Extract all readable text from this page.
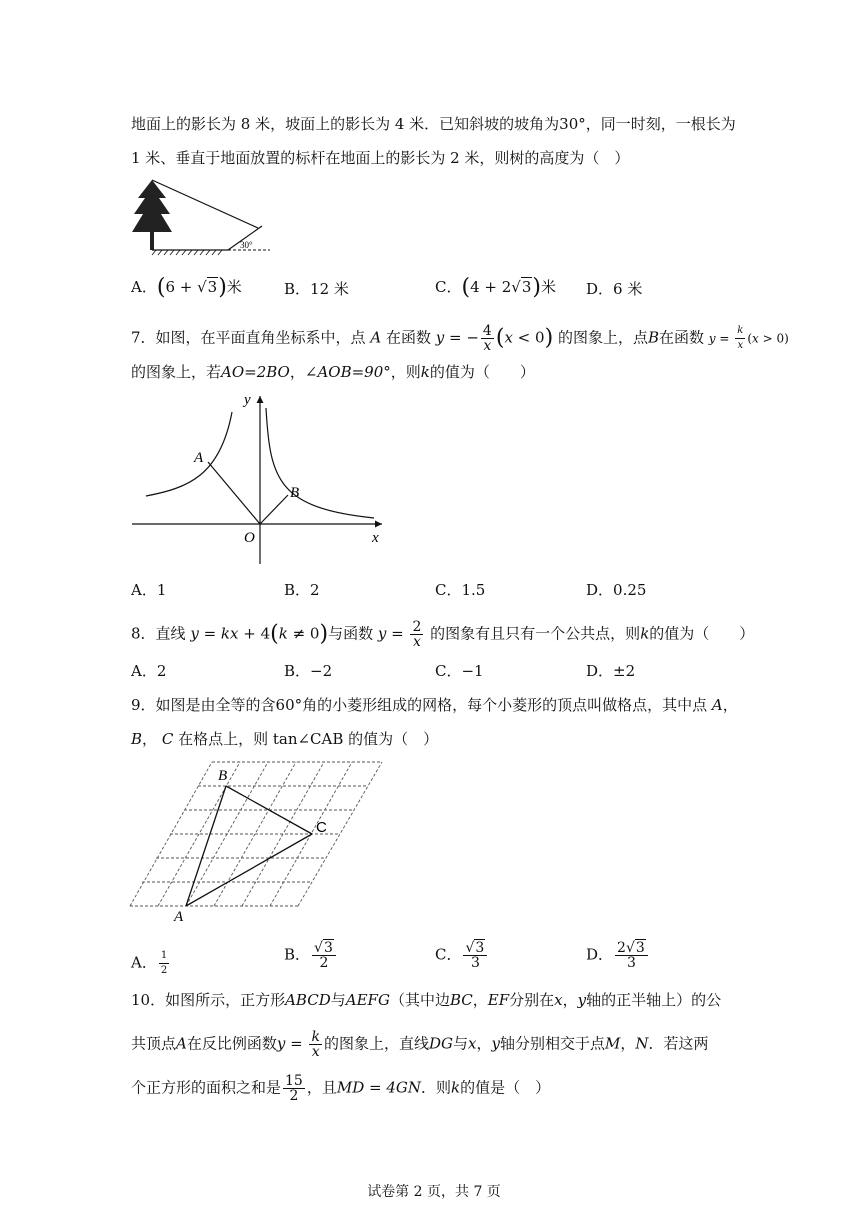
地面上的影长为 8 米，坡面上的影长为 4 米．已知斜坡的坡角为30°，同一时刻，一根长为
1 米、垂直于地面放置的标杆在地面上的影长为 2 米，则树的高度为（　）
30°
A．(6 + √3)米	B．12 米	C．(4 + 2√3)米 D．6 米
7．如图，在平面直角坐标系中，点 A 在函数 y = − $\frac{4}{x} (x < 0)$ 的图象上，点B在函数 $y = \frac{k}{x} (x > 0)$
的图象上，若AO=2BO，∠AOB=90°，则k的值为（　　）
y
x
O
A
B
A．1	B．2	C．1.5	D．0.25
8．直线 y = kx + 4(k ≠ 0)与函数 $y = \frac{2}{x}$ 的图象有且只有一个公共点，则k的值为（　　）
A．2	B．−2	C．−1	D．±2
9．如图是由全等的含60°角的小菱形组成的网格，每个小菱形的顶点叫做格点，其中点 A，
B， C 在格点上，则 tan∠CAB 的值为（　）
A
B
C
A． $\frac{1}{2}$	B． $\frac{√3}{2}$	C． $\frac{√3}{3}$	D． $\frac{2√3}{3}$
10．如图所示，正方形ABCD与AEFG（其中边BC，EF分别在x，y轴的正半轴上）的公
共顶点A在反比例函数$y = \frac{k}{x}$ 的图象上，直线DG与x，y轴分别相交于点M，N．若这两
个正方形的面积之和是 $\frac{15}{2}$ ，且MD = 4GN．则k的值是（　）
试卷第 2 页，共 7 页
